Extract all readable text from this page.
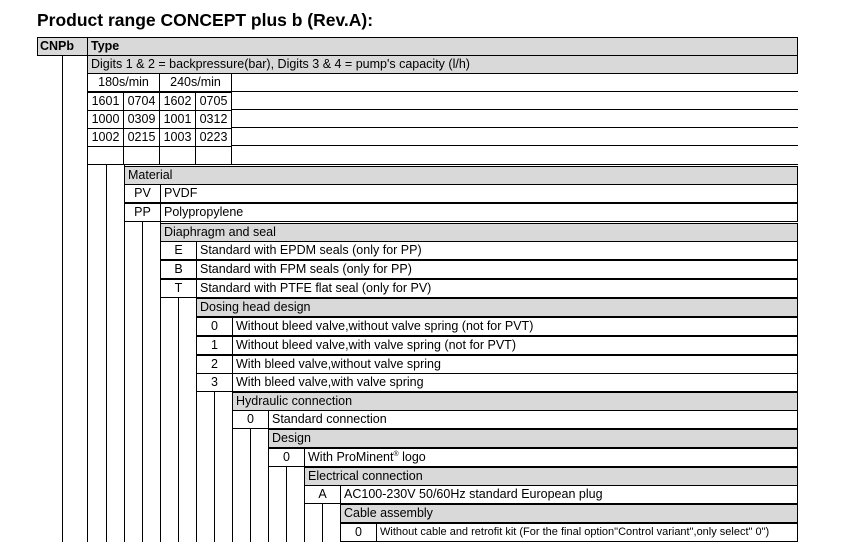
Product range CONCEPT plus b (Rev.A):
CNPb	Type
Digits 1 & 2 = backpressure(bar), Digits 3 & 4 = pump's capacity (l/h)
180s/min	240s/min
1601 0704 1602 0705
1000 0309 1001 0312
1002 0215 1003 0223
Material
PV	PVDF
PP	Polypropylene
Diaphragm and seal
E	Standard with EPDM seals (only for PP)
B	Standard with FPM seals (only for PP)
T	Standard with PTFE flat seal (only for PV)
Dosing head design
0	Without bleed valve,without valve spring (not for PVT)
1	Without bleed valve,with valve spring (not for PVT)
2	With bleed valve,without valve spring
3	With bleed valve,with valve spring
Hydraulic connection
0	Standard connection
Design
0	With ProMinent® logo
Electrical connection
A	AC100-230V 50/60Hz standard European plug
Cable assembly
0	Without cable and retrofit kit (For the final option"Control variant",only select" 0")
